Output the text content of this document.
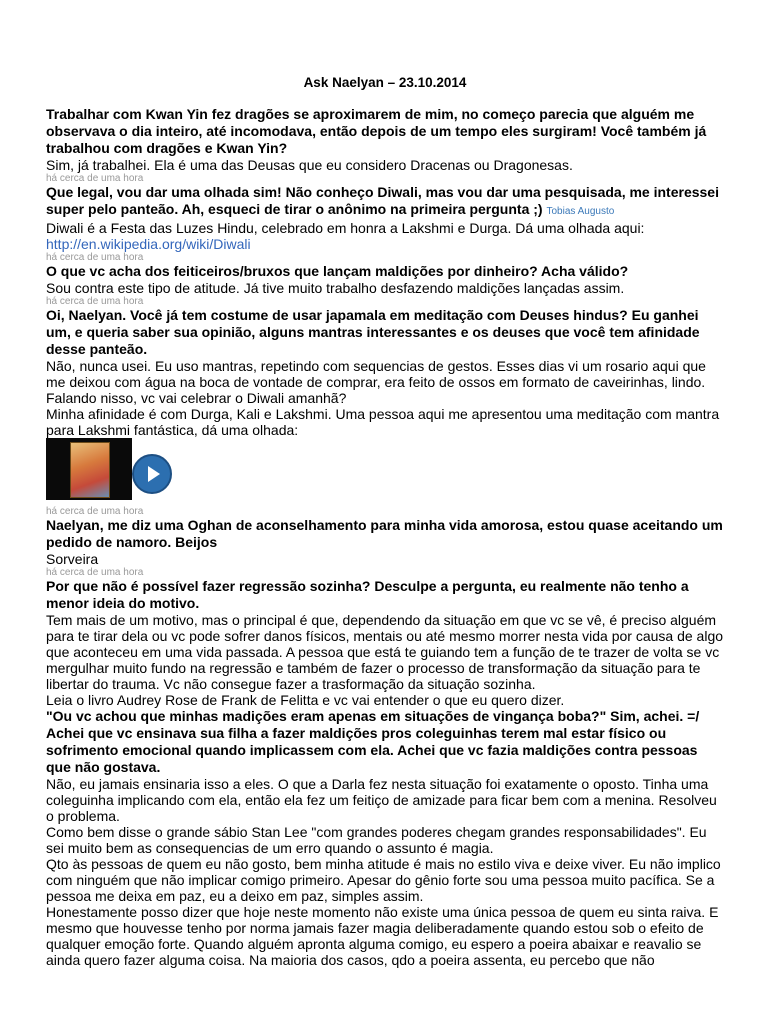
Ask Naelyan – 23.10.2014

Trabalhar com Kwan Yin fez dragões se aproximarem de mim, no começo parecia que alguém me observava o dia inteiro, até incomodava, então depois de um tempo eles surgiram! Você também já trabalhou com dragões e Kwan Yin?

Sim, já trabalhei. Ela é uma das Deusas que eu considero Dracenas ou Dragonesas.

há cerca de uma hora

Que legal, vou dar uma olhada sim! Não conheço Diwali, mas vou dar uma pesquisada, me interessei super pelo panteão. Ah, esqueci de tirar o anônimo na primeira pergunta ;) Tobias Augusto

Diwali é a Festa das Luzes Hindu, celebrado em honra a Lakshmi e Durga. Dá uma olhada aqui:

http://en.wikipedia.org/wiki/Diwali

há cerca de uma hora

O que vc acha dos feiticeiros/bruxos que lançam maldições por dinheiro? Acha válido?

Sou contra este tipo de atitude. Já tive muito trabalho desfazendo maldições lançadas assim.

há cerca de uma hora

Oi, Naelyan. Você já tem costume de usar japamala em meditação com Deuses hindus? Eu ganhei um, e queria saber sua opinião, alguns mantras interessantes e os deuses que você tem afinidade desse panteão.

Não, nunca usei. Eu uso mantras, repetindo com sequencias de gestos. Esses dias vi um rosario aqui que me deixou com água na boca de vontade de comprar, era feito de ossos em formato de caveirinhas, lindo.

Falando nisso, vc vai celebrar o Diwali amanhã?

Minha afinidade é com Durga, Kali e Lakshmi. Uma pessoa aqui me apresentou uma meditação com mantra para Lakshmi fantástica, dá uma olhada:

há cerca de uma hora

Naelyan, me diz uma Oghan de aconselhamento para minha vida amorosa, estou quase aceitando um pedido de namoro. Beijos

Sorveira

há cerca de uma hora

Por que não é possível fazer regressão sozinha? Desculpe a pergunta, eu realmente não tenho a menor ideia do motivo.

Tem mais de um motivo, mas o principal é que, dependendo da situação em que vc se vê, é preciso alguém para te tirar dela ou vc pode sofrer danos físicos, mentais ou até mesmo morrer nesta vida por causa de algo que aconteceu em uma vida passada. A pessoa que está te guiando tem a função de te trazer de volta se vc mergulhar muito fundo na regressão e também de fazer o processo de transformação da situação para te libertar do trauma. Vc não consegue fazer a trasformação da situação sozinha.

Leia o livro Audrey Rose de Frank de Felitta e vc vai entender o que eu quero dizer.

"Ou vc achou que minhas madições eram apenas em situações de vingança boba?" Sim, achei. =/ Achei que vc ensinava sua filha a fazer maldições pros coleguinhas terem mal estar físico ou sofrimento emocional quando implicassem com ela. Achei que vc fazia maldições contra pessoas que não gostava.

Não, eu jamais ensinaria isso a eles. O que a Darla fez nesta situação foi exatamente o oposto. Tinha uma coleguinha implicando com ela, então ela fez um feitiço de amizade para ficar bem com a menina. Resolveu o problema.

Como bem disse o grande sábio Stan Lee "com grandes poderes chegam grandes responsabilidades". Eu sei muito bem as consequencias de um erro quando o assunto é magia.

Qto às pessoas de quem eu não gosto, bem minha atitude é mais no estilo viva e deixe viver. Eu não implico com ninguém que não implicar comigo primeiro. Apesar do gênio forte sou uma pessoa muito pacífica. Se a pessoa me deixa em paz, eu a deixo em paz, simples assim.

Honestamente posso dizer que hoje neste momento não existe uma única pessoa de quem eu sinta raiva. E mesmo que houvesse tenho por norma jamais fazer magia deliberadamente quando estou sob o efeito de qualquer emoção forte. Quando alguém apronta alguma comigo, eu espero a poeira abaixar e reavalio se ainda quero fazer alguma coisa. Na maioria dos casos, qdo a poeira assenta, eu percebo que não
